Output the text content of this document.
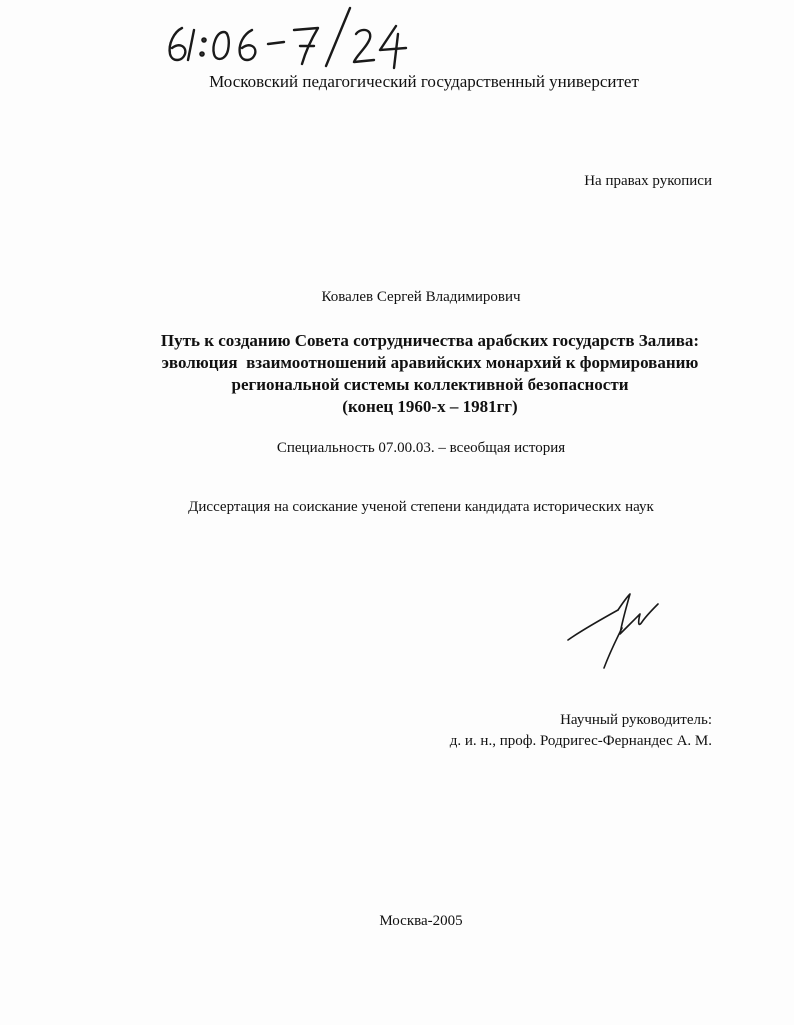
Московский педагогический государственный университет
На правах рукописи
Ковалев Сергей Владимирович
Путь к созданию Совета сотрудничества арабских государств Залива:
эволюция  взаимоотношений аравийских монархий к формированию
региональной системы коллективной безопасности
(конец 1960-х – 1981гг)
Специальность 07.00.03. – всеобщая история
Диссертация на соискание ученой степени кандидата исторических наук
Научный руководитель:
д. и. н., проф. Родригес-Фернандес А. М.
Москва-2005
